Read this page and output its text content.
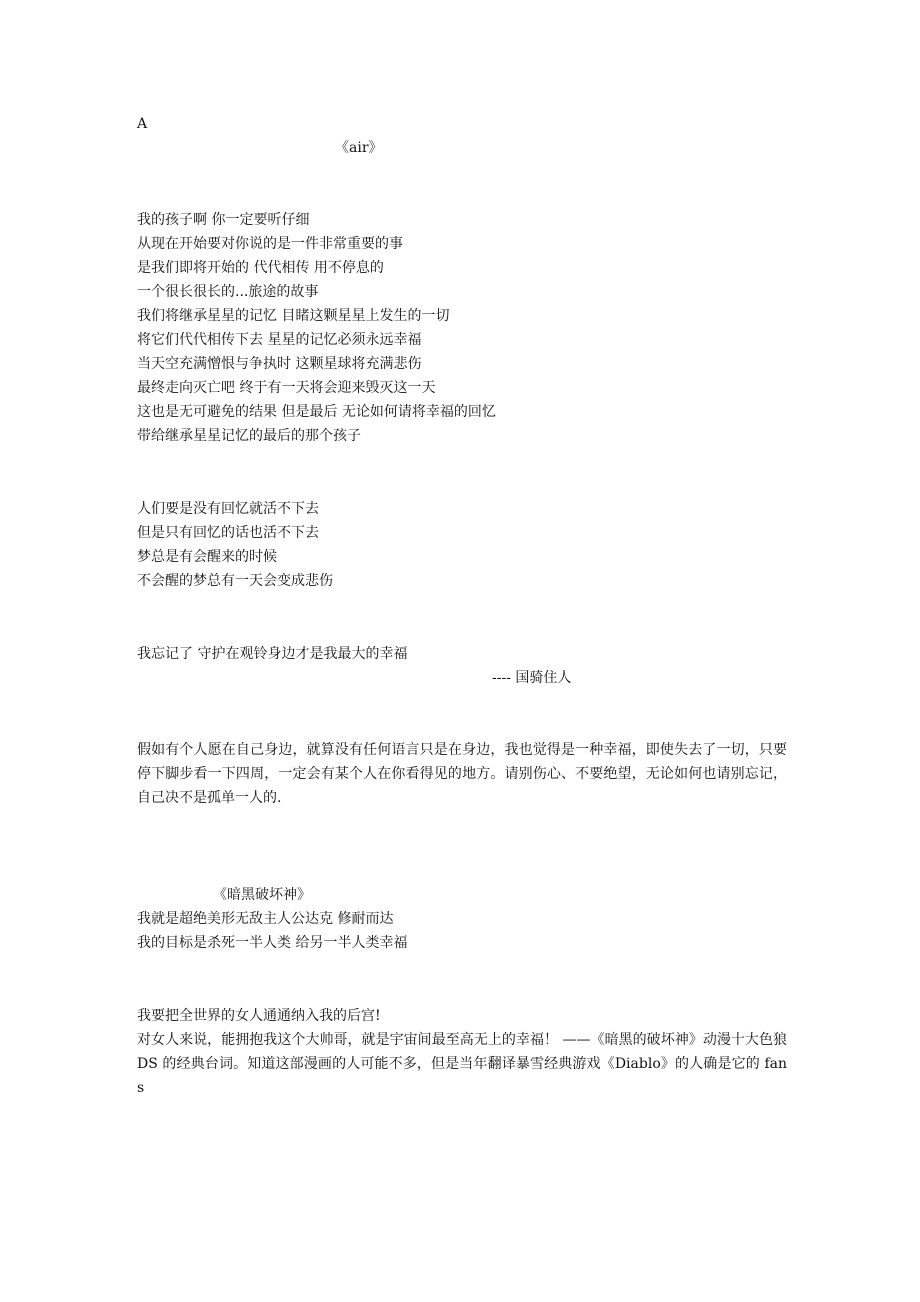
A
《air》
我的孩子啊 你一定要听仔细
从现在开始要对你说的是一件非常重要的事
是我们即将开始的 代代相传 用不停息的
一个很长很长的...旅途的故事
我们将继承星星的记忆 目睹这颗星星上发生的一切
将它们代代相传下去 星星的记忆必须永远幸福
当天空充满憎恨与争执时 这颗星球将充满悲伤
最终走向灭亡吧 终于有一天将会迎来毁灭这一天
这也是无可避免的结果 但是最后 无论如何请将幸福的回忆
带给继承星星记忆的最后的那个孩子
人们要是没有回忆就活不下去
但是只有回忆的话也活不下去
梦总是有会醒来的时候
不会醒的梦总有一天会变成悲伤
我忘记了 守护在观铃身边才是我最大的幸福
---- 国骑住人
假如有个人愿在自己身边，就算没有任何语言只是在身边，我也觉得是一种幸福，即使失去了一切，只要停下脚步看一下四周，一定会有某个人在你看得见的地方。请别伤心、不要绝望，无论如何也请别忘记，自己决不是孤单一人的.
《暗黑破坏神》
我就是超绝美形无敌主人公达克 修耐而达
我的目标是杀死一半人类 给另一半人类幸福
我要把全世界的女人通通纳入我的后宫!
对女人来说，能拥抱我这个大帅哥，就是宇宙间最至高无上的幸福！ ——《暗黑的破坏神》动漫十大色狼 DS 的经典台词。知道这部漫画的人可能不多，但是当年翻译暴雪经典游戏《Diablo》的人确是它的 fans
